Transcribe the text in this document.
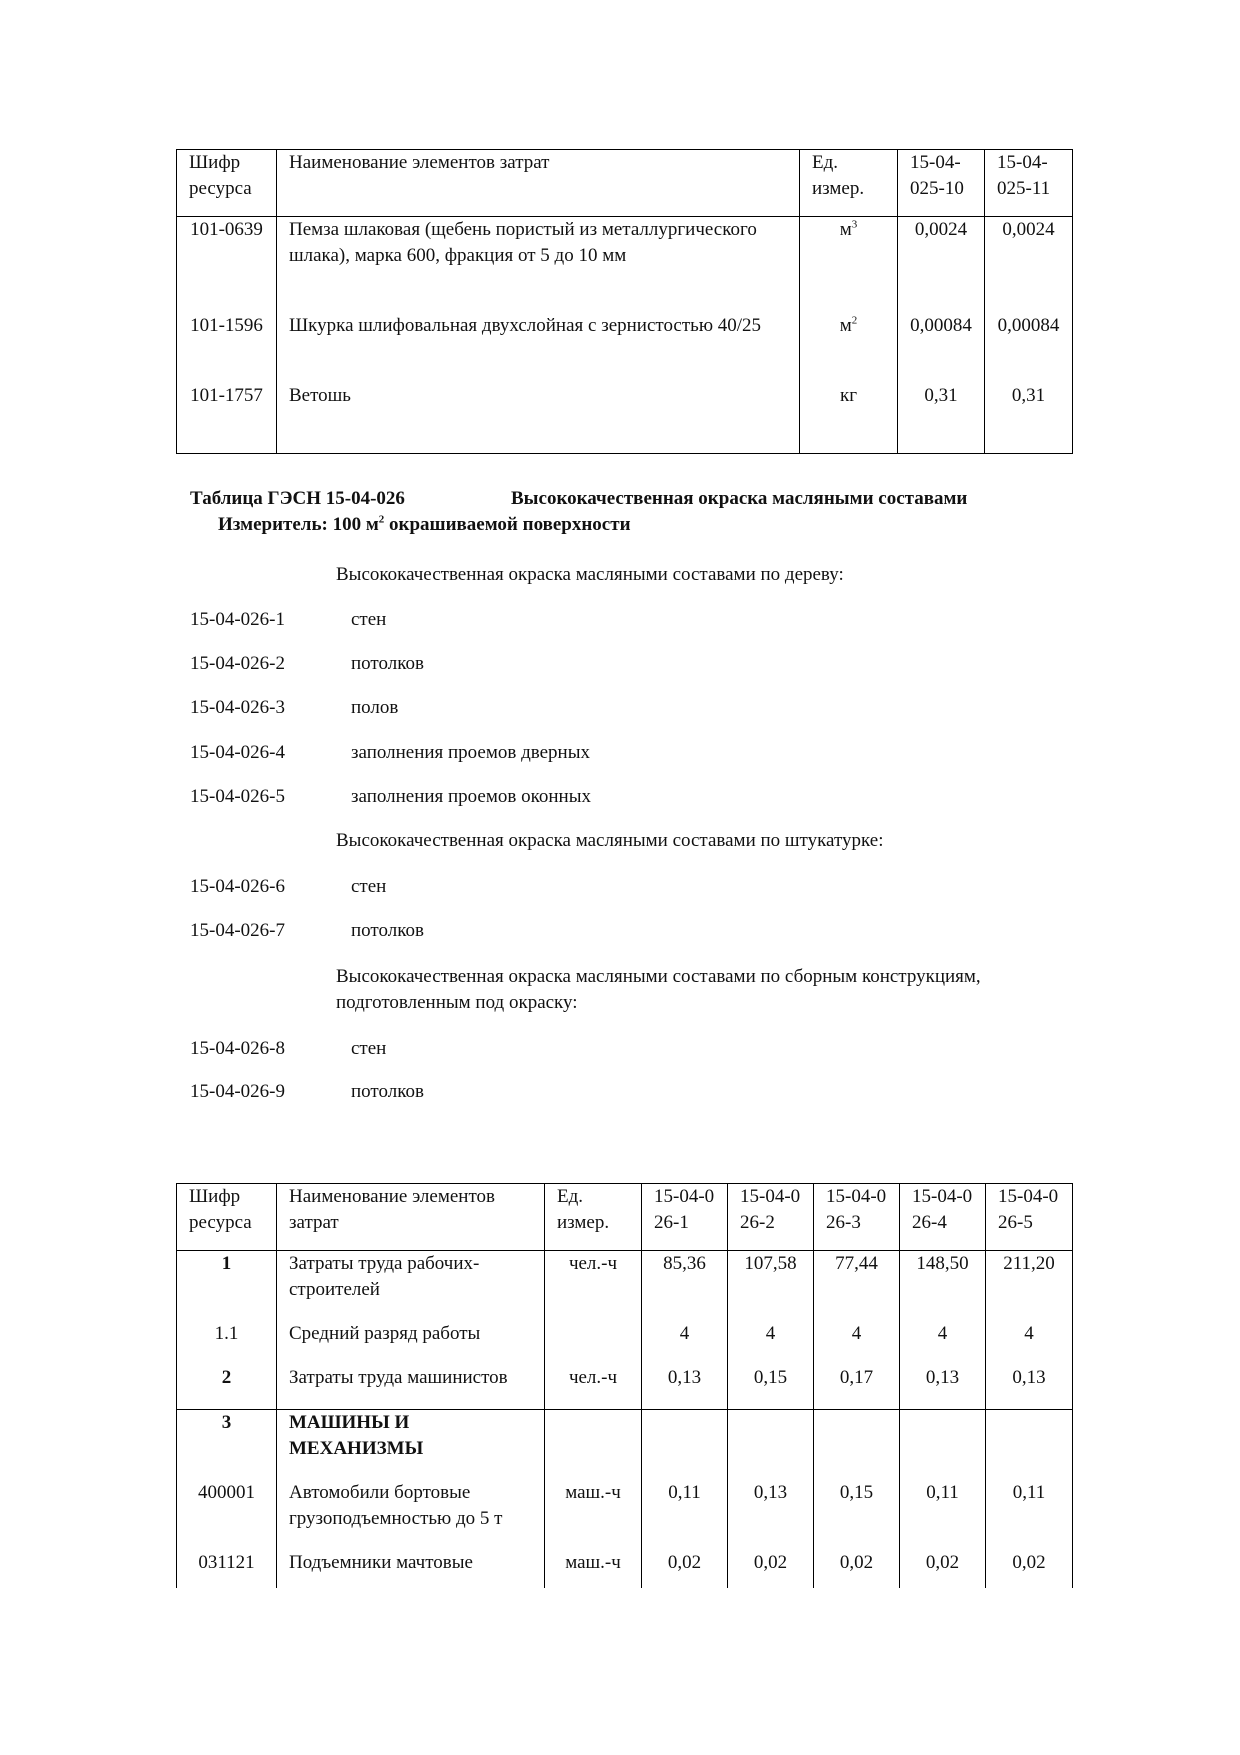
Шифр ресурса	Наименование элементов затрат	Ед. измер.	15-04-025-10	15-04-025-11
101-0639	Пемза шлаковая (щебень пористый из металлургического шлака), марка 600, фракция от 5 до 10 мм	$м^3$	0,0024	0,0024
101-1596	Шкурка шлифовальная двухслойная с зернистостью 40/25	$м^2$	0,00084	0,00084
101-1757	Ветошь	кг	0,31	0,31
Таблица ГЭСН 15-04-026	Высококачественная окраска масляными составами
Измеритель: 100 $м^2$ окрашиваемой поверхности
Высококачественная окраска масляными составами по дереву:
15-04-026-1	стен
15-04-026-2	потолков
15-04-026-3	полов
15-04-026-4	заполнения проемов дверных
15-04-026-5	заполнения проемов оконных
Высококачественная окраска масляными составами по штукатурке:
15-04-026-6	стен
15-04-026-7	потолков
Высококачественная окраска масляными составами по сборным конструкциям, подготовленным под окраску:
15-04-026-8	стен
15-04-026-9	потолков
Шифр ресурса	Наименование элементов затрат	Ед. измер.	15-04-026-1	15-04-026-2	15-04-026-3	15-04-026-4	15-04-026-5
1	Затраты труда рабочих-строителей	чел.-ч	85,36	107,58	77,44	148,50	211,20
1.1	Средний разряд работы		4	4	4	4	4
2	Затраты труда машинистов	чел.-ч	0,13	0,15	0,17	0,13	0,13
3	МАШИНЫ И МЕХАНИЗМЫ						
400001	Автомобили бортовые грузоподъемностью до 5 т	маш.-ч	0,11	0,13	0,15	0,11	0,11
031121	Подъемники мачтовые	маш.-ч	0,02	0,02	0,02	0,02	0,02
